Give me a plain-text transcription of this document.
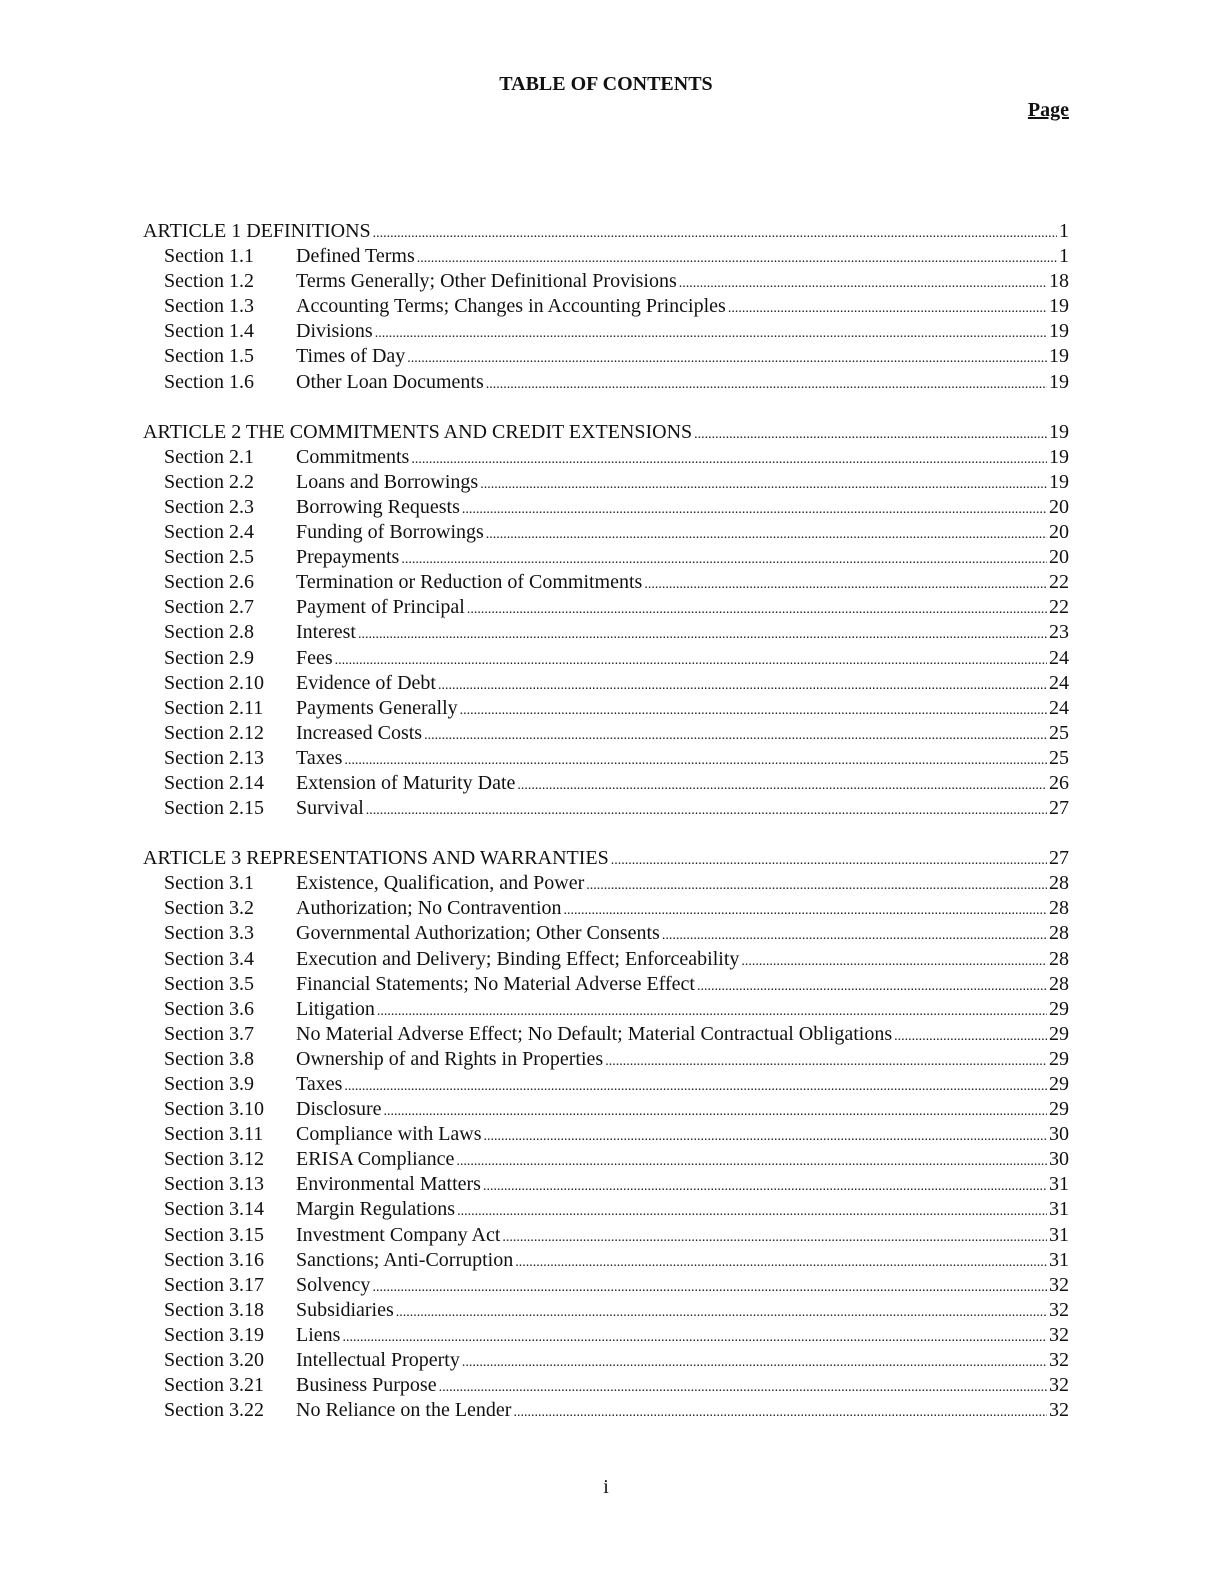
TABLE OF CONTENTS
Page
ARTICLE 1 DEFINITIONS .....	1
Section 1.1	Defined Terms .....	1
Section 1.2	Terms Generally; Other Definitional Provisions .....	18
Section 1.3	Accounting Terms; Changes in Accounting Principles .....	19
Section 1.4	Divisions .....	19
Section 1.5	Times of Day .....	19
Section 1.6	Other Loan Documents .....	19
ARTICLE 2 THE COMMITMENTS AND CREDIT EXTENSIONS .....	19
Section 2.1	Commitments .....	19
Section 2.2	Loans and Borrowings .....	19
Section 2.3	Borrowing Requests .....	20
Section 2.4	Funding of Borrowings .....	20
Section 2.5	Prepayments .....	20
Section 2.6	Termination or Reduction of Commitments .....	22
Section 2.7	Payment of Principal .....	22
Section 2.8	Interest .....	23
Section 2.9	Fees .....	24
Section 2.10	Evidence of Debt .....	24
Section 2.11	Payments Generally .....	24
Section 2.12	Increased Costs .....	25
Section 2.13	Taxes .....	25
Section 2.14	Extension of Maturity Date .....	26
Section 2.15	Survival .....	27
ARTICLE 3 REPRESENTATIONS AND WARRANTIES .....	27
Section 3.1	Existence, Qualification, and Power .....	28
Section 3.2	Authorization; No Contravention .....	28
Section 3.3	Governmental Authorization; Other Consents .....	28
Section 3.4	Execution and Delivery; Binding Effect; Enforceability .....	28
Section 3.5	Financial Statements; No Material Adverse Effect .....	28
Section 3.6	Litigation .....	29
Section 3.7	No Material Adverse Effect; No Default; Material Contractual Obligations .....	29
Section 3.8	Ownership of and Rights in Properties .....	29
Section 3.9	Taxes .....	29
Section 3.10	Disclosure .....	29
Section 3.11	Compliance with Laws .....	30
Section 3.12	ERISA Compliance .....	30
Section 3.13	Environmental Matters .....	31
Section 3.14	Margin Regulations .....	31
Section 3.15	Investment Company Act .....	31
Section 3.16	Sanctions; Anti-Corruption .....	31
Section 3.17	Solvency .....	32
Section 3.18	Subsidiaries .....	32
Section 3.19	Liens .....	32
Section 3.20	Intellectual Property .....	32
Section 3.21	Business Purpose .....	32
Section 3.22	No Reliance on the Lender .....	32
i
